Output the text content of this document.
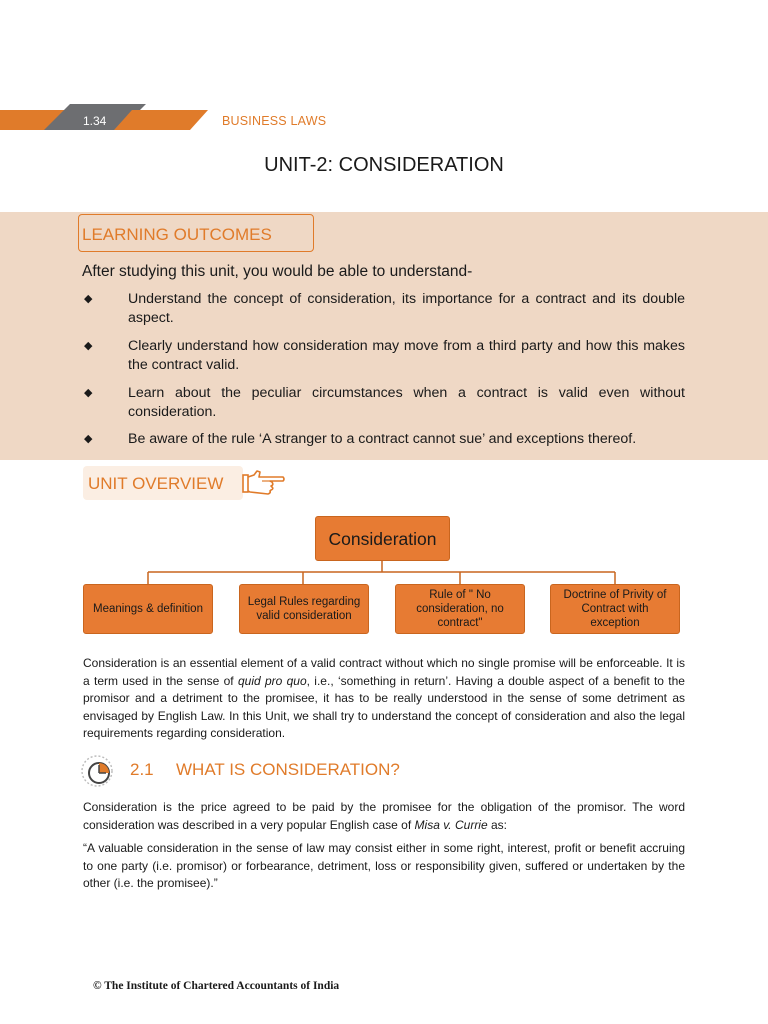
1.34	BUSINESS LAWS
UNIT-2: CONSIDERATION
LEARNING OUTCOMES
After studying this unit, you would be able to understand-
◆	Understand the concept of consideration, its importance for a contract and its double aspect.
◆	Clearly understand how consideration may move from a third party and how this makes the contract valid.
◆	Learn about the peculiar circumstances when a contract is valid even without consideration.
◆	Be aware of the rule ‘A stranger to a contract cannot sue’ and exceptions thereof.
UNIT OVERVIEW
Consideration
Meanings & definition
Legal Rules regarding valid consideration
Rule of " No consideration, no contract"
Doctrine of Privity of Contract with exception
Consideration is an essential element of a valid contract without which no single promise will be enforceable. It is a term used in the sense of quid pro quo, i.e., ‘something in return’. Having a double aspect of a benefit to the promisor and a detriment to the promisee, it has to be really understood in the sense of some detriment as envisaged by English Law. In this Unit, we shall try to understand the concept of consideration and also the legal requirements regarding consideration.
2.1 WHAT IS CONSIDERATION?
Consideration is the price agreed to be paid by the promisee for the obligation of the promisor. The word consideration was described in a very popular English case of Misa v. Currie as:
“A valuable consideration in the sense of law may consist either in some right, interest, profit or benefit accruing to one party (i.e. promisor) or forbearance, detriment, loss or responsibility given, suffered or undertaken by the other (i.e. the promisee).”
© The Institute of Chartered Accountants of India
